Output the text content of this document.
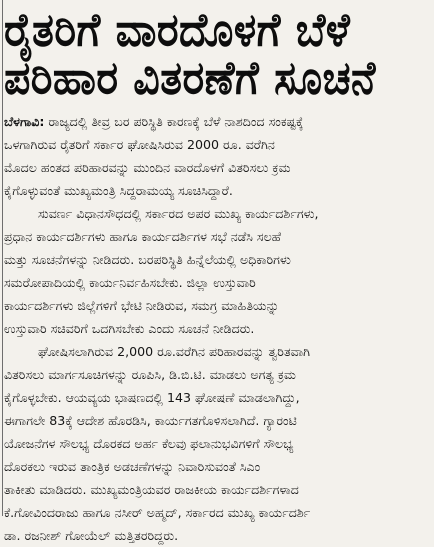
ರೈತರಿಗೆ ವಾರದೊಳಗೆ ಬೆಳೆ
ಪರಿಹಾರ ವಿತರಣೆಗೆ ಸೂಚನೆ
ಬೆಳಗಾವಿ: ರಾಜ್ಯದಲ್ಲಿ ತೀವ್ರ ಬರ ಪರಿಸ್ಥಿತಿ ಕಾರಣಕ್ಕೆ ಬೆಳೆ ನಾಶದಿಂದ ಸಂಕಷ್ಟಕ್ಕೆ
ಒಳಗಾಗಿರುವ ರೈತರಿಗೆ ಸರ್ಕಾರ ಘೋಷಿಸಿರುವ 2000 ರೂ. ವರೆಗಿನ
ಮೊದಲ ಹಂತದ ಪರಿಹಾರವನ್ನು ಮುಂದಿನ ವಾರದೊಳಗೆ ವಿತರಿಸಲು ಕ್ರಮ
ಕೈಗೊಳ್ಳುವಂತೆ ಮುಖ್ಯಮಂತ್ರಿ ಸಿದ್ದರಾಮಯ್ಯ ಸೂಚಿಸಿದ್ದಾರೆ.
ಸುವರ್ಣ ವಿಧಾನಸೌಧದಲ್ಲಿ ಸರ್ಕಾರದ ಅಪರ ಮುಖ್ಯ ಕಾರ್ಯದರ್ಶಿಗಳು,
ಪ್ರಧಾನ ಕಾರ್ಯದರ್ಶಿಗಳು ಹಾಗೂ ಕಾರ್ಯದರ್ಶಿಗಳ ಸಭೆ ನಡೆಸಿ ಸಲಹೆ
ಮತ್ತು ಸೂಚನೆಗಳನ್ನು ನೀಡಿದರು. ಬರಪರಿಸ್ಥಿತಿ ಹಿನ್ನೆಲೆಯಲ್ಲಿ ಅಧಿಕಾರಿಗಳು
ಸಮರೋಪಾದಿಯಲ್ಲಿ ಕಾರ್ಯನಿರ್ವಹಿಸಬೇಕು. ಜಿಲ್ಲಾ ಉಸ್ತುವಾರಿ
ಕಾರ್ಯದರ್ಶಿಗಳು ಜಿಲ್ಲೆಗಳಿಗೆ ಭೇಟಿ ನೀಡಿರುವ, ಸಮಗ್ರ ಮಾಹಿತಿಯನ್ನು
ಉಸ್ತುವಾರಿ ಸಚಿವರಿಗೆ ಒದಗಿಸಬೇಕು ಎಂದು ಸೂಚನೆ ನೀಡಿದರು.
ಘೋಷಿಸಲಾಗಿರುವ 2,000 ರೂ.ವರೆಗಿನ ಪರಿಹಾರವನ್ನು ತ್ವರಿತವಾಗಿ
ವಿತರಿಸಲು ಮಾರ್ಗಸೂಚಿಗಳನ್ನು ರೂಪಿಸಿ, ಡಿ.ಬಿ.ಟಿ. ಮಾಡಲು ಅಗತ್ಯ ಕ್ರಮ
ಕೈಗೊಳ್ಳಬೇಕು. ಆಯವ್ಯಯ ಭಾಷಣದಲ್ಲಿ 143 ಘೋಷಣೆ ಮಾಡಲಾಗಿದ್ದು,
ಈಗಾಗಲೇ 83ಕ್ಕೆ ಆದೇಶ ಹೊರಡಿಸಿ, ಕಾರ್ಯಗತಗೊಳಿಸಲಾಗಿದೆ. ಗ್ಯಾರಂಟಿ
ಯೋಜನೆಗಳ ಸೌಲಭ್ಯ ದೊರಕದ ಅರ್ಹ ಕೆಲವು ಫಲಾನುಭವಿಗಳಿಗೆ ಸೌಲಭ್ಯ
ದೊರಕಲು ಇರುವ ತಾಂತ್ರಿಕ ಅಡಚಣೆಗಳನ್ನು ನಿವಾರಿಸುವಂತೆ ಸಿಎಂ
ತಾಕೀತು ಮಾಡಿದರು. ಮುಖ್ಯಮಂತ್ರಿಯವರ ರಾಜಕೀಯ ಕಾರ್ಯದರ್ಶಿಗಳಾದ
ಕೆ.ಗೋವಿಂದರಾಜು ಹಾಗೂ ನಸೀರ್ ಅಹ್ಮದ್, ಸರ್ಕಾರದ ಮುಖ್ಯ ಕಾರ್ಯದರ್ಶಿ
ಡಾ. ರಜನೀಶ್ ಗೋಯೆಲ್ ಮತ್ತಿತರರಿದ್ದರು.
